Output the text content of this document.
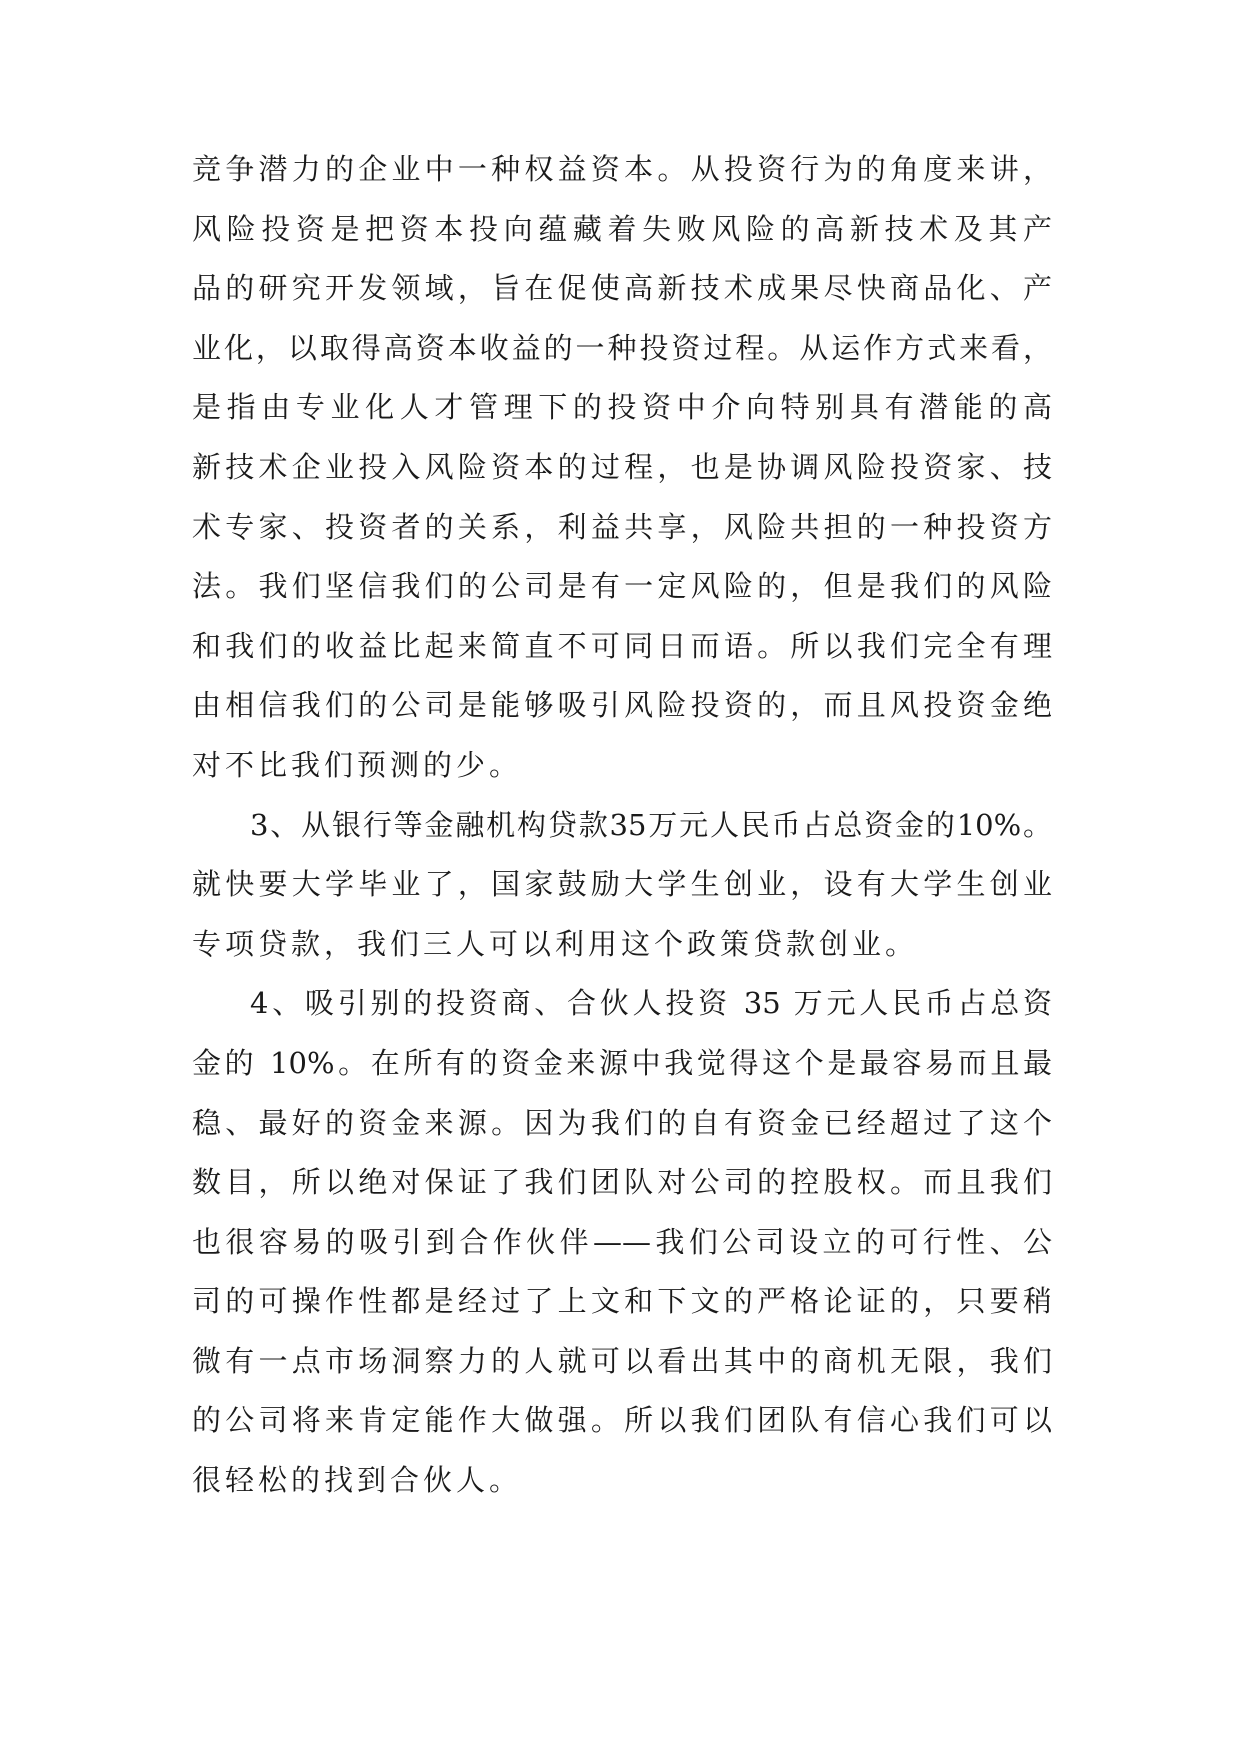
竞争潜力的企业中一种权益资本。从投资行为的角度来讲，
风险投资是把资本投向蕴藏着失败风险的高新技术及其产
品的研究开发领域，旨在促使高新技术成果尽快商品化、产
业化，以取得高资本收益的一种投资过程。从运作方式来看，
是指由专业化人才管理下的投资中介向特别具有潜能的高
新技术企业投入风险资本的过程，也是协调风险投资家、技
术专家、投资者的关系，利益共享，风险共担的一种投资方
法。我们坚信我们的公司是有一定风险的，但是我们的风险
和我们的收益比起来简直不可同日而语。所以我们完全有理
由相信我们的公司是能够吸引风险投资的，而且风投资金绝
对不比我们预测的少。
3、从银行等金融机构贷款35万元人民币占总资金的10%。
就快要大学毕业了，国家鼓励大学生创业，设有大学生创业
专项贷款，我们三人可以利用这个政策贷款创业。
4、吸引别的投资商、合伙人投资 35 万元人民币占总资
金的 10%。在所有的资金来源中我觉得这个是最容易而且最
稳、最好的资金来源。因为我们的自有资金已经超过了这个
数目，所以绝对保证了我们团队对公司的控股权。而且我们
也很容易的吸引到合作伙伴——我们公司设立的可行性、公
司的可操作性都是经过了上文和下文的严格论证的，只要稍
微有一点市场洞察力的人就可以看出其中的商机无限，我们
的公司将来肯定能作大做强。所以我们团队有信心我们可以
很轻松的找到合伙人。
